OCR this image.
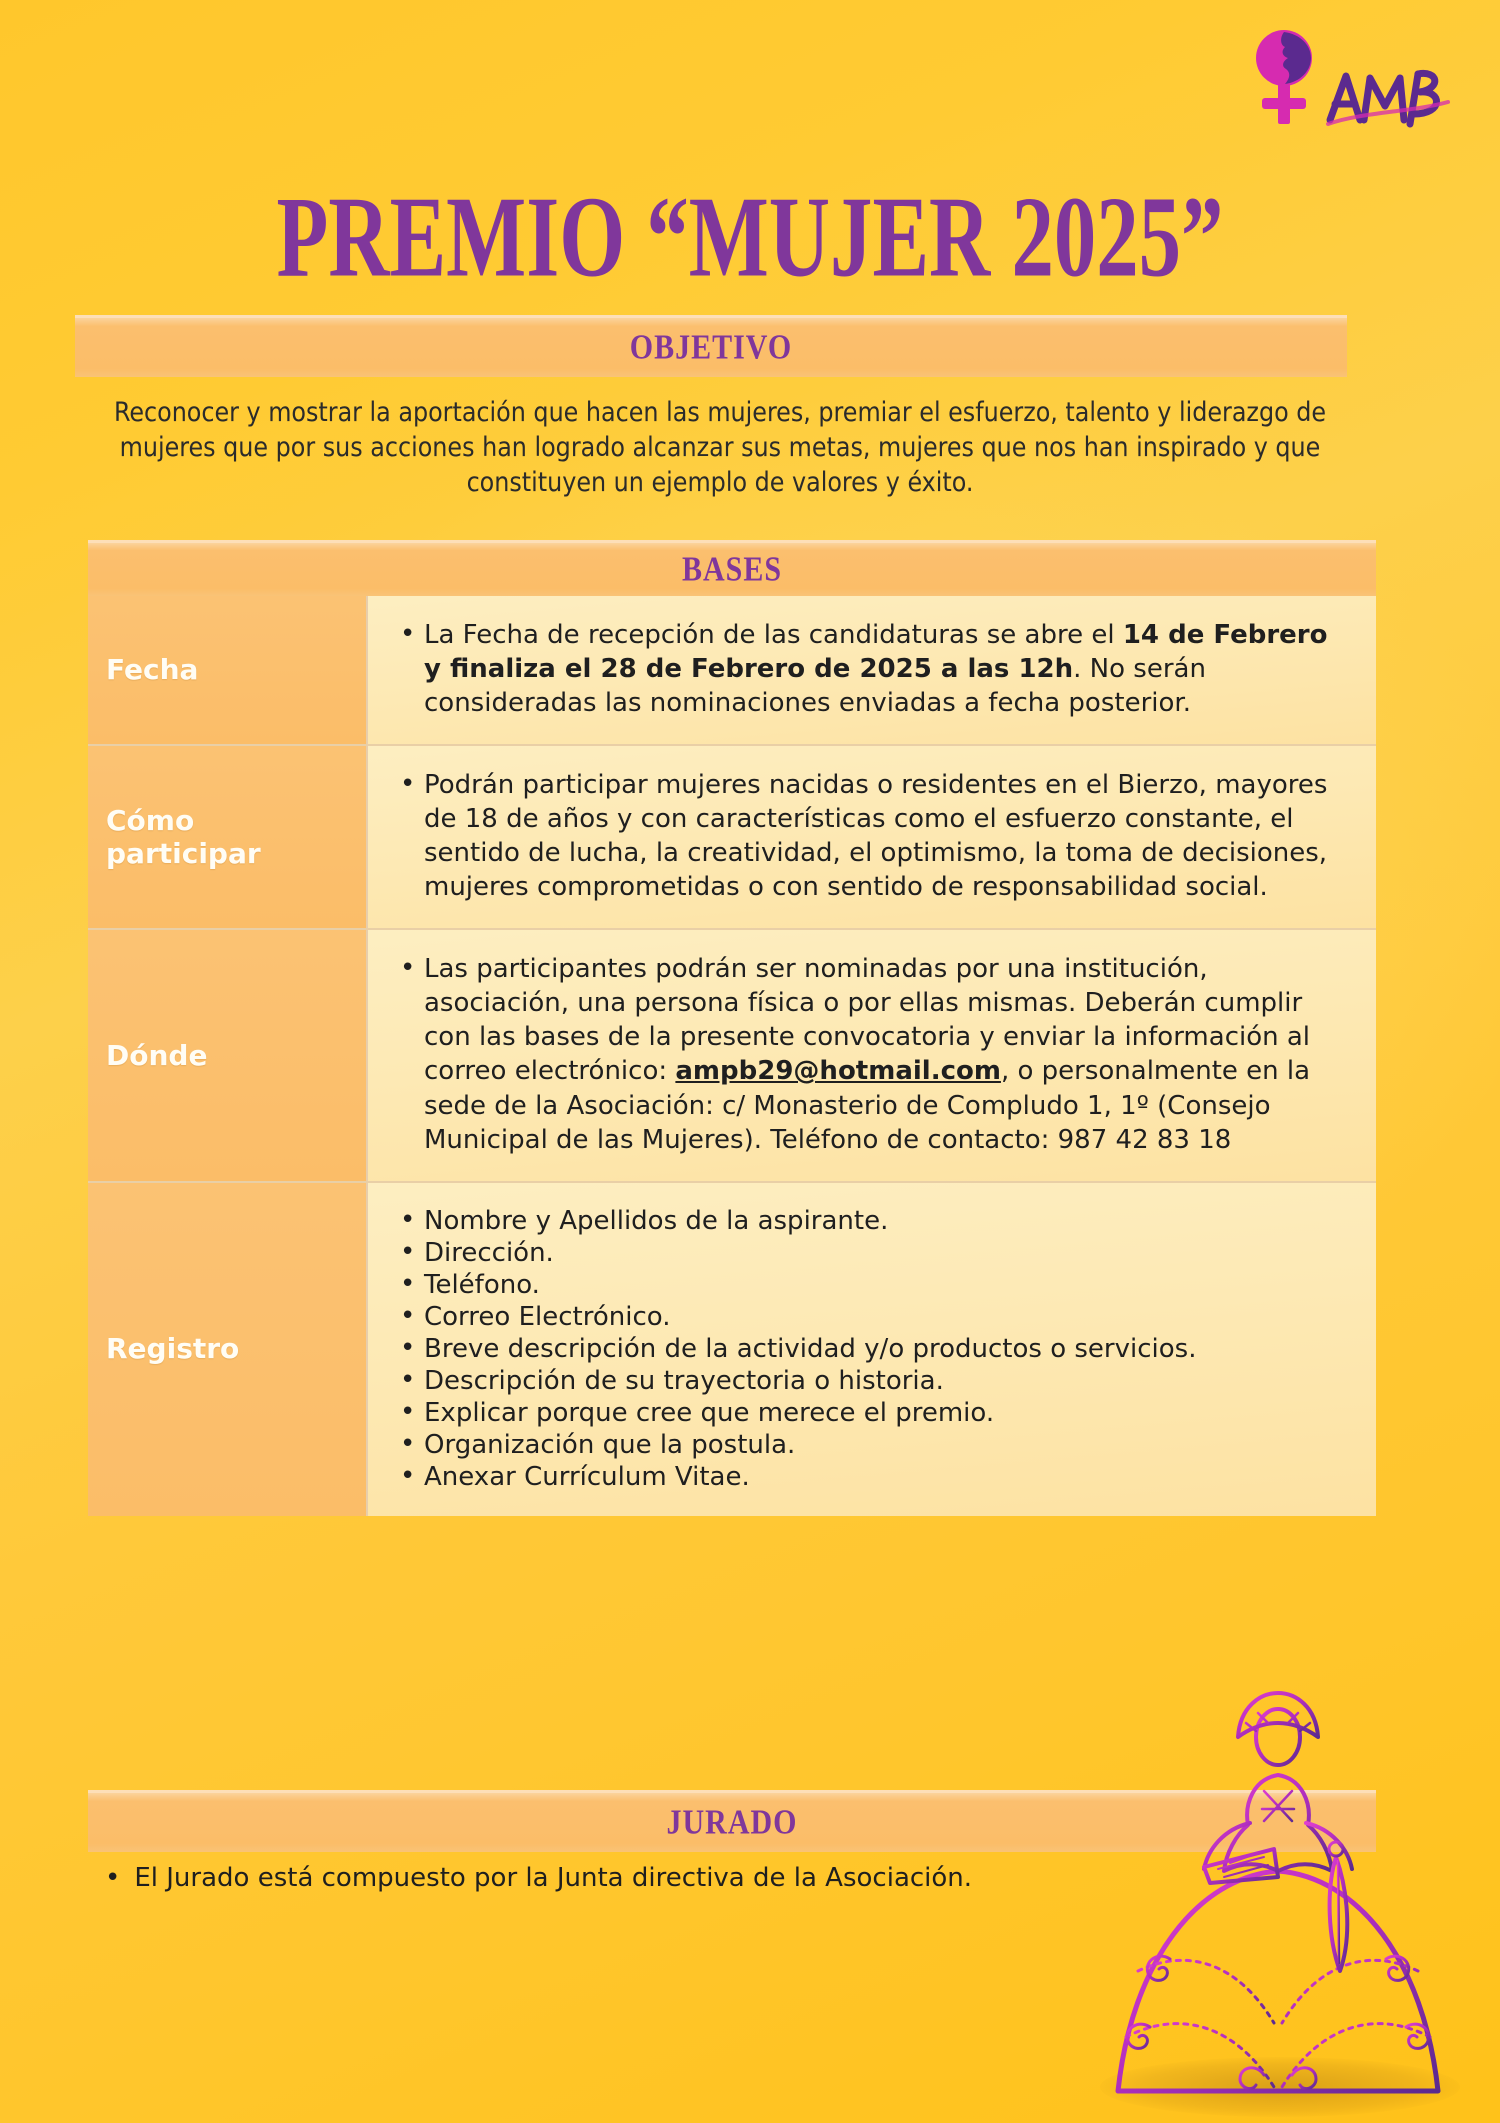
PREMIO “MUJER 2025”
OBJETIVO
Reconocer y mostrar la aportación que hacen las mujeres, premiar el esfuerzo, talento y liderazgo de mujeres que por sus acciones han logrado alcanzar sus metas, mujeres que nos han inspirado y que constituyen un ejemplo de valores y éxito.
BASES
Fecha
• La Fecha de recepción de las candidaturas se abre el 14 de Febrero y finaliza el 28 de Febrero de 2025 a las 12h. No serán consideradas las nominaciones enviadas a fecha posterior.
Cómo participar
• Podrán participar mujeres nacidas o residentes en el Bierzo, mayores de 18 de años y con características como el esfuerzo constante, el sentido de lucha, la creatividad, el optimismo, la toma de decisiones, mujeres comprometidas o con sentido de responsabilidad social.
Dónde
• Las participantes podrán ser nominadas por una institución, asociación, una persona física o por ellas mismas. Deberán cumplir con las bases de la presente convocatoria y enviar la información al correo electrónico: ampb29@hotmail.com, o personalmente en la sede de la Asociación: c/ Monasterio de Compludo 1, 1º (Consejo Municipal de las Mujeres). Teléfono de contacto: 987 42 83 18
Registro
• Nombre y Apellidos de la aspirante.
• Dirección.
• Teléfono.
• Correo Electrónico.
• Breve descripción de la actividad y/o productos o servicios.
• Descripción de su trayectoria o historia.
• Explicar porque cree que merece el premio.
• Organización que la postula.
• Anexar Currículum Vitae.
JURADO
• El Jurado está compuesto por la Junta directiva de la Asociación.
